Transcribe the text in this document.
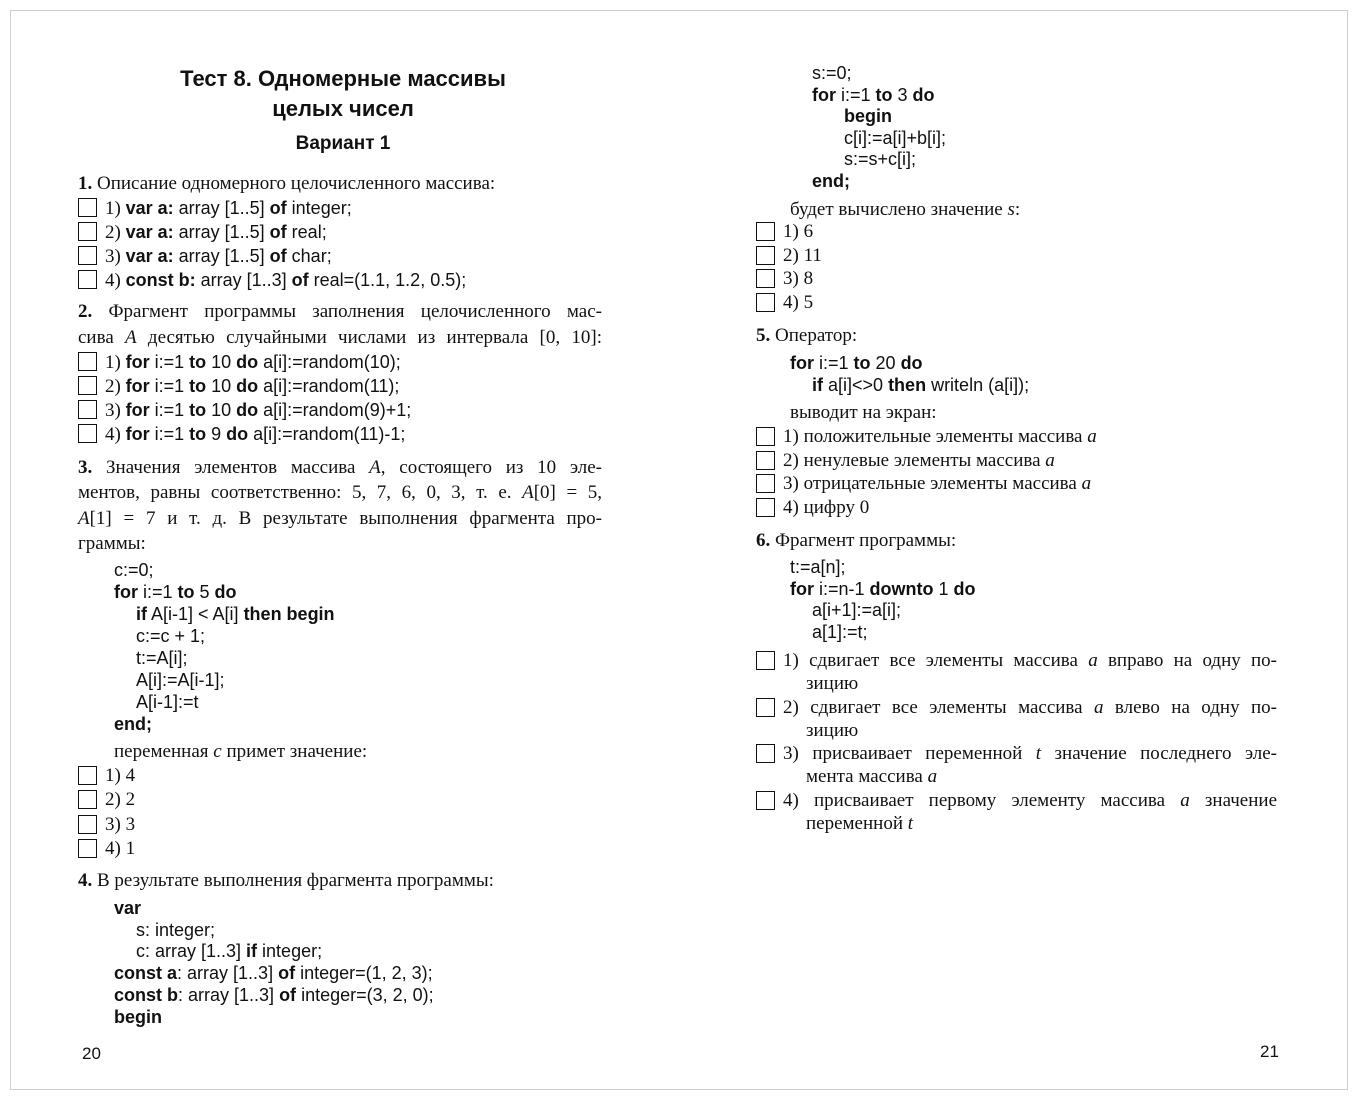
Тест 8. Одномерные массивы
целых чисел
Вариант 1
1. Описание одномерного целочисленного массива:
1) var a: array [1..5] of integer;
2) var a: array [1..5] of real;
3) var a: array [1..5] of char;
4) const b: array [1..3] of real=(1.1, 1.2, 0.5);
2. Фрагмент программы заполнения целочисленного мас-
сива А десятью случайными числами из интервала [0, 10]:
1) for i:=1 to 10 do a[i]:=random(10);
2) for i:=1 to 10 do a[i]:=random(11);
3) for i:=1 to 10 do a[i]:=random(9)+1;
4) for i:=1 to 9 do a[i]:=random(11)-1;
3. Значения элементов массива А, состоящего из 10 эле-
ментов, равны соответственно: 5, 7, 6, 0, 3, т. е. А[0] = 5,
А[1] = 7 и т. д. В результате выполнения фрагмента про-
граммы:
c:=0;
for i:=1 to 5 do
if A[i-1] < A[i] then begin
c:=c + 1;
t:=A[i];
A[i]:=A[i-1];
A[i-1]:=t
end;
переменная с примет значение:
1) 4
2) 2
3) 3
4) 1
4. В результате выполнения фрагмента программы:
var
s: integer;
c: array [1..3] if integer;
const a: array [1..3] of integer=(1, 2, 3);
const b: array [1..3] of integer=(3, 2, 0);
begin
20
s:=0;
for i:=1 to 3 do
begin
c[i]:=a[i]+b[i];
s:=s+c[i];
end;
будет вычислено значение s:
1) 6
2) 11
3) 8
4) 5
5. Оператор:
for i:=1 to 20 do
if a[i]<>0 then writeln (a[i]);
выводит на экран:
1) положительные элементы массива a
2) ненулевые элементы массива a
3) отрицательные элементы массива a
4) цифру 0
6. Фрагмент программы:
t:=a[n];
for i:=n-1 downto 1 do
a[i+1]:=a[i];
a[1]:=t;
1) сдвигает все элементы массива a вправо на одну по-
зицию
2) сдвигает все элементы массива a влево на одну по-
зицию
3) присваивает переменной t значение последнего эле-
мента массива a
4) присваивает первому элементу массива a значение
переменной t
21
